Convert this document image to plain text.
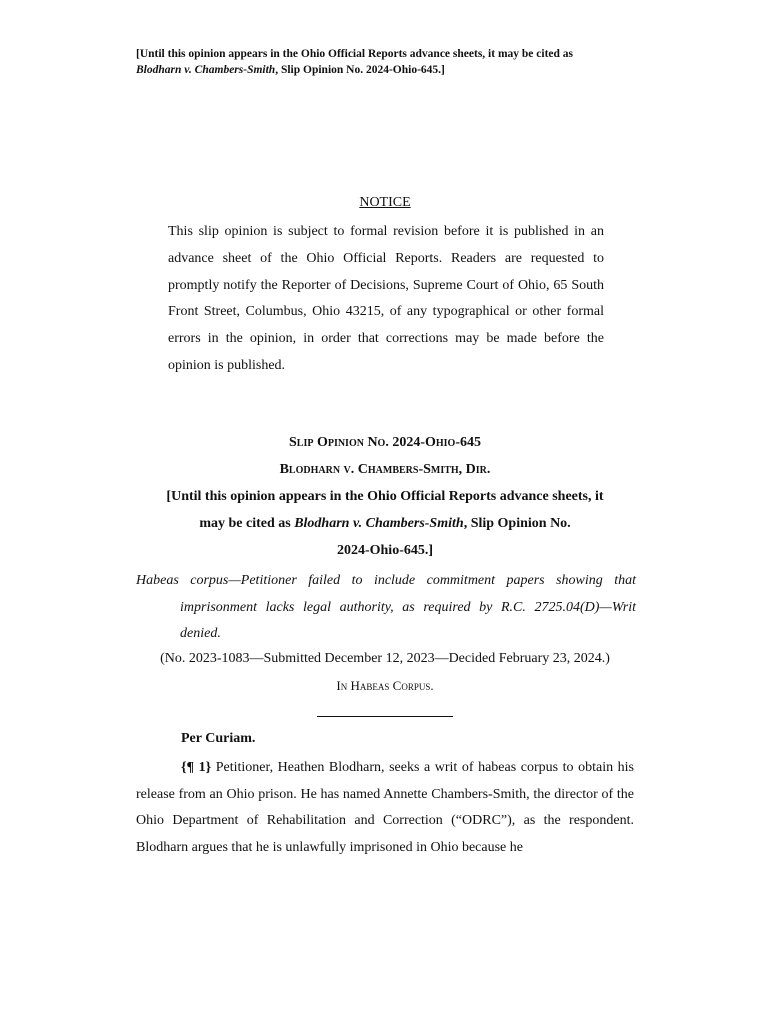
[Until this opinion appears in the Ohio Official Reports advance sheets, it may be cited as
Blodharn v. Chambers-Smith, Slip Opinion No. 2024-Ohio-645.]
NOTICE
This slip opinion is subject to formal revision before it is published in an advance sheet of the Ohio Official Reports. Readers are requested to promptly notify the Reporter of Decisions, Supreme Court of Ohio, 65 South Front Street, Columbus, Ohio 43215, of any typographical or other formal errors in the opinion, in order that corrections may be made before the opinion is published.
Slip Opinion No. 2024-Ohio-645
Blodharn v. Chambers-Smith, Dir.
[Until this opinion appears in the Ohio Official Reports advance sheets, it
may be cited as Blodharn v. Chambers-Smith, Slip Opinion No.
2024-Ohio-645.]
Habeas corpus—Petitioner failed to include commitment papers showing that imprisonment lacks legal authority, as required by R.C. 2725.04(D)—Writ denied.
(No. 2023-1083—Submitted December 12, 2023—Decided February 23, 2024.)
In Habeas Corpus.
Per Curiam.
{¶ 1} Petitioner, Heathen Blodharn, seeks a writ of habeas corpus to obtain his release from an Ohio prison. He has named Annette Chambers-Smith, the director of the Ohio Department of Rehabilitation and Correction (“ODRC”), as the respondent. Blodharn argues that he is unlawfully imprisoned in Ohio because he
